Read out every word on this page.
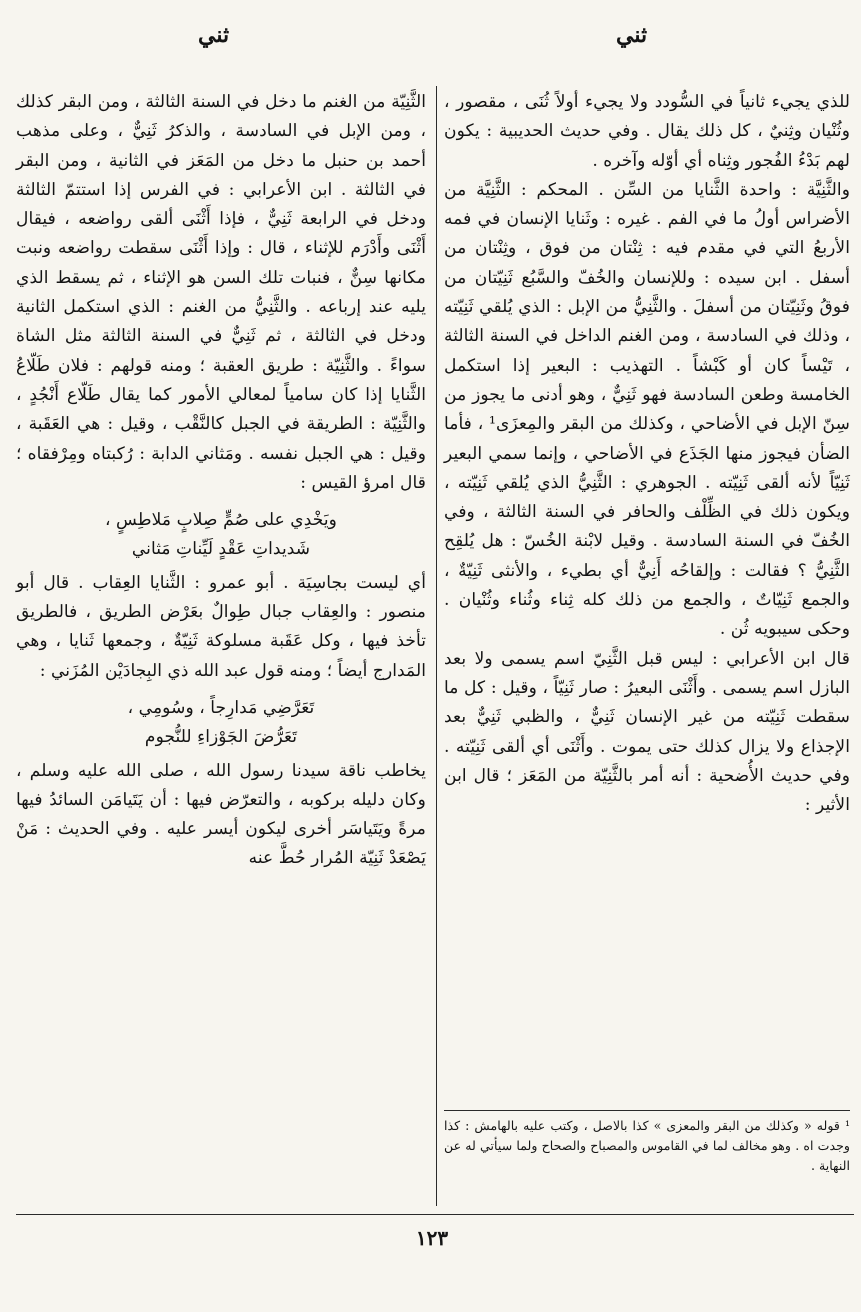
ثني
ثني

للذي يجيء ثانياً في السُّودد ولا يجيء أولاً ثُنَى ، مقصور ، وثُنْيان وثِنيٌ ، كل ذلك يقال . وفي حديث الحديبية : يكون لهم بَدْءُ الفُجور وثِناه أي أوّله وآخره .

والثَّنِيَّة : واحدة الثَّنايا من السِّن . المحكم : الثَّنِيَّة من الأضراس أولُ ما في الفم . غيره : وثَنايا الإنسان في فمه الأربعُ التي في مقدم فيه : ثِنْتان من فوق ، وثِنْتان من أسفل . ابن سيده : وللإنسان والخُفّ والسَّبُع ثَنِيّتان من فوقُ وثَنِيّتان من أسفلَ . والثَّنِيُّ من الإبل : الذي يُلقي ثَنِيّته ، وذلك في السادسة ، ومن الغنم الداخل في السنة الثالثة ، تَيْساً كان أو كَبْشاً . التهذيب : البعير إذا استكمل الخامسة وطعن السادسة فهو ثَنِيٌّ ، وهو أدنى ما يجوز من سِنّ الإبل في الأضاحي ، وكذلك من البقر والمِعزَى¹ ، فأما الضأن فيجوز منها الجَذَع في الأضاحي ، وإنما سمي البعير ثَنِيّاً لأنه ألقى ثَنِيّته . الجوهري : الثَّنِيُّ الذي يُلقي ثَنِيّته ، ويكون ذلك في الظِّلْف والحافر في السنة الثالثة ، وفي الخُفّ في السنة السادسة . وقيل لابْنة الخُسّ : هل يُلقِح الثَّنِيُّ ؟ فقالت : وإلقاحُه أَنِيٌّ أي بطيء ، والأنثى ثَنِيّةٌ ، والجمع ثَنِيّاتٌ ، والجمع من ذلك كله ثِناء وثُناء وثُنْيان . وحكى سيبويه ثُن .

قال ابن الأعرابي : ليس قبل الثَّنِيّ اسم يسمى ولا بعد البازل اسم يسمى . وأَثْنَى البعيرُ : صار ثَنِيّاً ، وقيل : كل ما سقطت ثَنِيّته من غير الإنسان ثَنِيٌّ ، والظبي ثَنِيٌّ بعد الإجذاع ولا يزال كذلك حتى يموت . وأَثْنَى أي ألقى ثَنِيّته . وفي حديث الأُضحية : أنه أمر بالثَّنِيّة من المَعَز ؛ قال ابن الأثير :

الثَّنِيّة من الغنم ما دخل في السنة الثالثة ، ومن البقر كذلك ، ومن الإبل في السادسة ، والذكرُ ثَنِيٌّ ، وعلى مذهب أحمد بن حنبل ما دخل من المَعَز في الثانية ، ومن البقر في الثالثة . ابن الأعرابي : في الفرس إذا استتمّ الثالثة ودخل في الرابعة ثَنِيٌّ ، فإذا أَثْنَى ألقى رواضعه ، فيقال أَثْنَى وأَدْرَم للإثناء ، قال : وإذا أَثْنَى سقطت رواضعه ونبت مكانها سِنٌّ ، فنبات تلك السن هو الإثناء ، ثم يسقط الذي يليه عند إرباعه . والثَّنِيُّ من الغنم : الذي استكمل الثانية ودخل في الثالثة ، ثم ثَنِيٌّ في السنة الثالثة مثل الشاة سواءً . والثَّنِيّة : طريق العقبة ؛ ومنه قولهم : فلان طَلّاعُ الثَّنايا إذا كان سامياً لمعالي الأمور كما يقال طَلّاع أَنْجُدٍ ، والثَّنِيّة : الطريقة في الجبل كالنَّقْب ، وقيل : هي العَقَبة ، وقيل : هي الجبل نفسه . ومَثاني الدابة : رُكبتاه ومِرْفقاه ؛ قال امرؤ القيس :

ويَخْدِي على صُمٍّ صِلابٍ مَلاطِسٍ ،
شَديداتِ عَقْدٍ لَيِّناتِ مَثاني

أي ليست بجاسِيَة . أبو عمرو : الثَّنايا العِقاب . قال أبو منصور : والعِقاب جبال طِوالٌ بعَرْض الطريق ، فالطريق تأخذ فيها ، وكل عَقَبة مسلوكة ثَنِيّةٌ ، وجمعها ثَنايا ، وهي المَدارج أيضاً ؛ ومنه قول عبد الله ذي البِجادَيْن المُزَني :

تَعَرَّضِي مَدارِجاً ، وسُومِي ،
تَعَرُّضَ الجَوْزاءِ للنُّجوم

يخاطب ناقة سيدنا رسول الله ، صلى الله عليه وسلم ، وكان دليله بركوبه ، والتعرّض فيها : أن يَتَيامَن السائدُ فيها مرةً ويَتَياسَر أخرى ليكون أيسر عليه . وفي الحديث : مَنْ يَصْعَدْ ثَنِيّة المُرار حُطَّ عنه

¹ قوله « وكذلك من البقر والمعزى » كذا بالاصل ، وكتب عليه بالهامش : كذا وجدت اه . وهو مخالف لما في القاموس والمصباح والصحاح ولما سيأتي له عن النهاية .
١٢٣
